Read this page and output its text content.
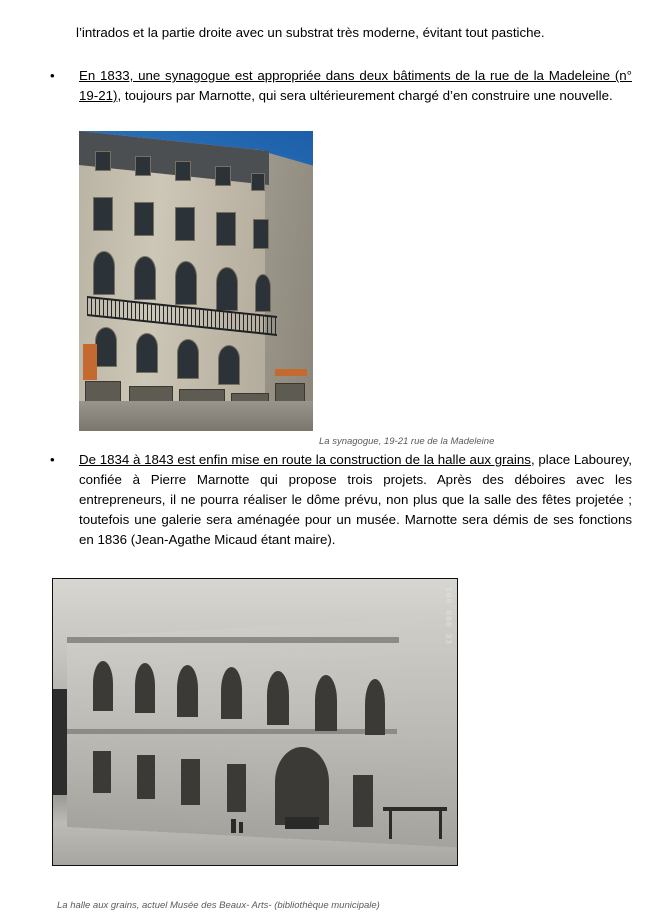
l’intrados et la partie droite avec un substrat très moderne, évitant tout pastiche.

•	En 1833, une synagogue est appropriée dans deux bâtiments de la rue de la Madeleine (n° 19-21), toujours par Marnotte, qui sera ultérieurement chargé d’en construire une nouvelle.

La synagogue, 19-21 rue de la Madeleine

•	De 1834 à 1843 est enfin mise en route la construction de la halle aux grains, place Labourey, confiée à Pierre Marnotte qui propose trois projets. Après des déboires avec les entrepreneurs, il ne pourra réaliser le dôme prévu, non plus que la salle des fêtes projetée ; toutefois une galerie sera aménagée pour un musée. Marnotte sera démis de ses fonctions en 1836 (Jean-Agathe Micaud étant maire).
166 000 33

La halle aux grains, actuel Musée des Beaux- Arts- (bibliothèque municipale)
